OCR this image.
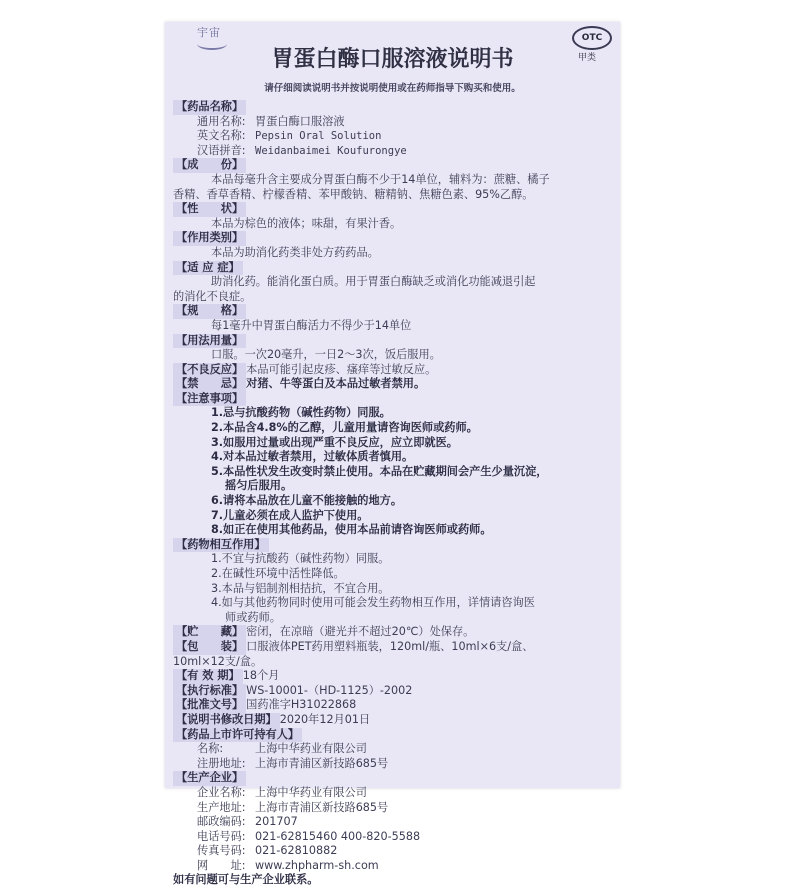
宇宙	OTC
甲类
胃蛋白酶口服溶液说明书
请仔细阅读说明书并按说明使用或在药师指导下购买和使用。
【药品名称】
通用名称: 胃蛋白酶口服溶液
英文名称: Pepsin Oral Solution
汉语拼音: Weidanbaimei Koufurongye
【成　　份】
本品每毫升含主要成分胃蛋白酶不少于14单位，辅料为：蔗糖、橘子
香精、香草香精、柠檬香精、苯甲酸钠、糖精钠、焦糖色素、95%乙醇。
【性　　状】
本品为棕色的液体；味甜，有果汁香。
【作用类别】
本品为助消化药类非处方药药品。
【适 应 症】
助消化药。能消化蛋白质。用于胃蛋白酶缺乏或消化功能减退引起
的消化不良症。
【规　　格】
每1毫升中胃蛋白酶活力不得少于14单位
【用法用量】
口服。一次20毫升，一日2～3次，饭后服用。
【不良反应】 本品可能引起皮疹、瘙痒等过敏反应。
【禁　　忌】 对猪、牛等蛋白及本品过敏者禁用。
【注意事项】
1.忌与抗酸药物（碱性药物）同服。
2.本品含4.8%的乙醇，儿童用量请咨询医师或药师。
3.如服用过量或出现严重不良反应，应立即就医。
4.对本品过敏者禁用，过敏体质者慎用。
5.本品性状发生改变时禁止使用。本品在贮藏期间会产生少量沉淀，
摇匀后服用。
6.请将本品放在儿童不能接触的地方。
7.儿童必须在成人监护下使用。
8.如正在使用其他药品，使用本品前请咨询医师或药师。
【药物相互作用】
1.不宜与抗酸药（碱性药物）同服。
2.在碱性环境中活性降低。
3.本品与铝制剂相拮抗，不宜合用。
4.如与其他药物同时使用可能会发生药物相互作用，详情请咨询医
师或药师。
【贮　　藏】 密闭，在凉暗（避光并不超过20℃）处保存。
【包　　装】 口服液体PET药用塑料瓶装，120ml/瓶、10ml×6支/盒、
10ml×12支/盒。
【有 效 期】 18个月
【执行标准】 WS-10001-（HD-1125）-2002
【批准文号】 国药准字H31022868
【说明书修改日期】 2020年12月01日
【药品上市许可持有人】
名称:	上海中华药业有限公司
注册地址: 上海市青浦区新技路685号
【生产企业】
企业名称: 上海中华药业有限公司
生产地址: 上海市青浦区新技路685号
邮政编码: 201707
电话号码: 021-62815460 400-820-5588
传真号码: 021-62810882
网　　址: www.zhpharm-sh.com
如有问题可与生产企业联系。
